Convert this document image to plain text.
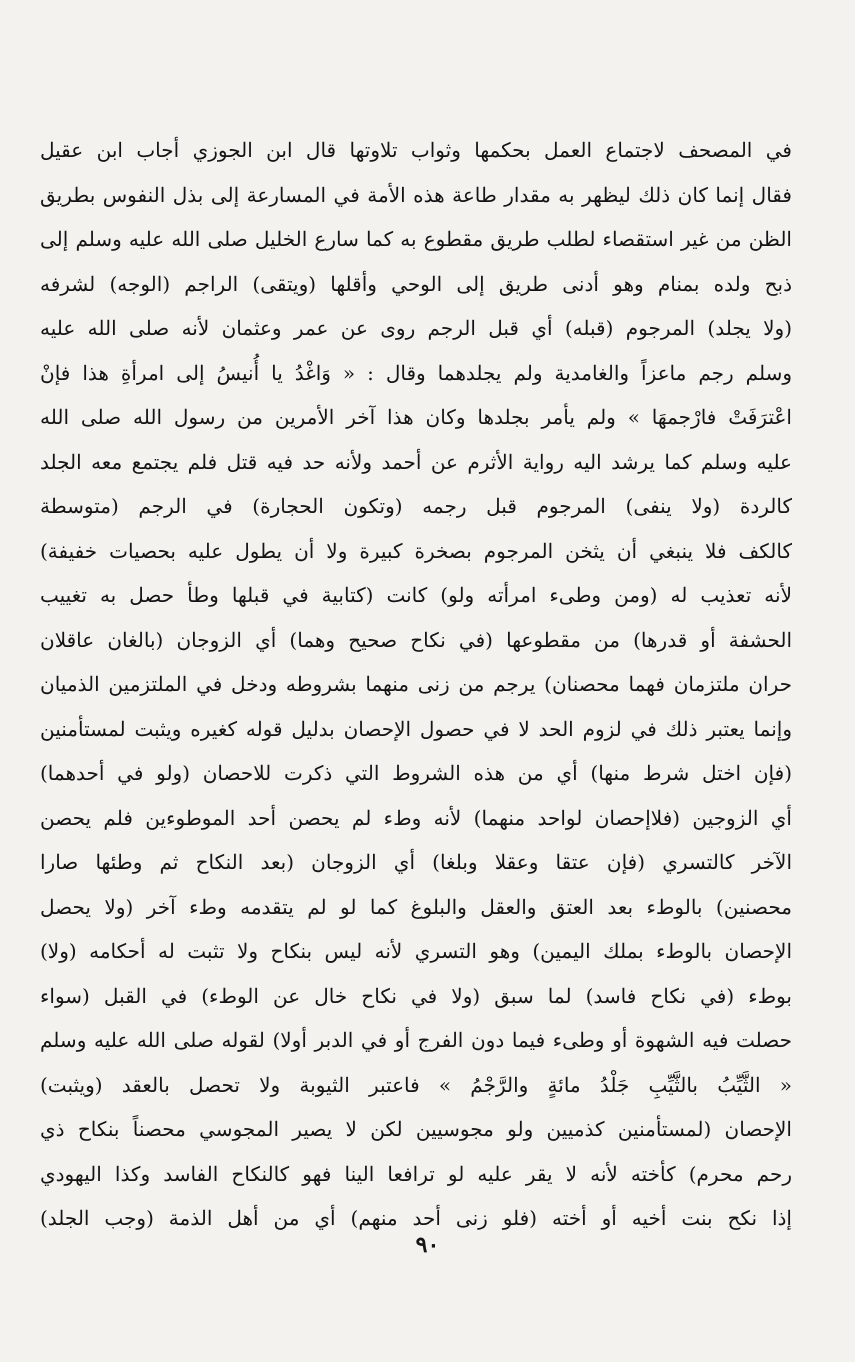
في المصحف لاجتماع العمل بحكمها وثواب تلاوتها قال ابن الجوزي أجاب ابن عقيل
فقال إنما كان ذلك ليظهر به مقدار طاعة هذه الأمة في المسارعة إلى بذل النفوس بطريق
الظن من غير استقصاء لطلب طريق مقطوع به كما سارع الخليل صلى الله عليه وسلم إلى
ذبح ولده بمنام وهو أدنى طريق إلى الوحي وأقلها (ويتقى) الراجم (الوجه) لشرفه
(ولا يجلد) المرجوم (قبله) أي قبل الرجم روى عن عمر وعثمان لأنه صلى الله عليه
وسلم رجم ماعزاً والغامدية ولم يجلدهما وقال : « وَاغْدُ يا أُنيسُ إلى امرأةِ هذا فإنْ
اعْترَفَتْ فارْجمهَا » ولم يأمر بجلدها وكان هذا آخر الأمرين من رسول الله صلى الله
عليه وسلم كما يرشد اليه رواية الأثرم عن أحمد ولأنه حد فيه قتل فلم يجتمع معه الجلد
كالردة (ولا ينفى) المرجوم قبل رجمه (وتكون الحجارة) في الرجم (متوسطة
كالكف فلا ينبغي أن يثخن المرجوم بصخرة كبيرة ولا أن يطول عليه بحصيات خفيفة)
لأنه تعذيب له (ومن وطىء امرأته ولو) كانت (كتابية في قبلها وطأ حصل به تغييب
الحشفة أو قدرها) من مقطوعها (في نكاح صحيح وهما) أي الزوجان (بالغان عاقلان
حران ملتزمان فهما محصنان) يرجم من زنى منهما بشروطه ودخل في الملتزمين الذميان
وإنما يعتبر ذلك في لزوم الحد لا في حصول الإحصان بدليل قوله كغيره ويثبت لمستأمنين
(فإن اختل شرط منها) أي من هذه الشروط التي ذكرت للاحصان (ولو في أحدهما)
أي الزوجين (فلاإحصان لواحد منهما) لأنه وطء لم يحصن أحد الموطوءين فلم يحصن
الآخر كالتسري (فإن عتقا وعقلا وبلغا) أي الزوجان (بعد النكاح ثم وطئها صارا
محصنين) بالوطء بعد العتق والعقل والبلوغ كما لو لم يتقدمه وطء آخر (ولا يحصل
الإحصان بالوطء بملك اليمين) وهو التسري لأنه ليس بنكاح ولا تثبت له أحكامه (ولا)
بوطء (في نكاح فاسد) لما سبق (ولا في نكاح خال عن الوطء) في القبل (سواء
حصلت فيه الشهوة أو وطىء فيما دون الفرج أو في الدبر أولا) لقوله صلى الله عليه وسلم
« الثَّيِّبُ بالثَّيِّبِ جَلْدُ مائةٍ والرَّجْمُ » فاعتبر الثيوبة ولا تحصل بالعقد (ويثبت)
الإحصان (لمستأمنين كذميين ولو مجوسيين لكن لا يصير المجوسي محصناً بنكاح ذي
رحم محرم) كأخته لأنه لا يقر عليه لو ترافعا الينا فهو كالنكاح الفاسد وكذا اليهودي
إذا نكح بنت أخيه أو أخته (فلو زنى أحد منهم) أي من أهل الذمة (وجب الجلد)
٩٠
